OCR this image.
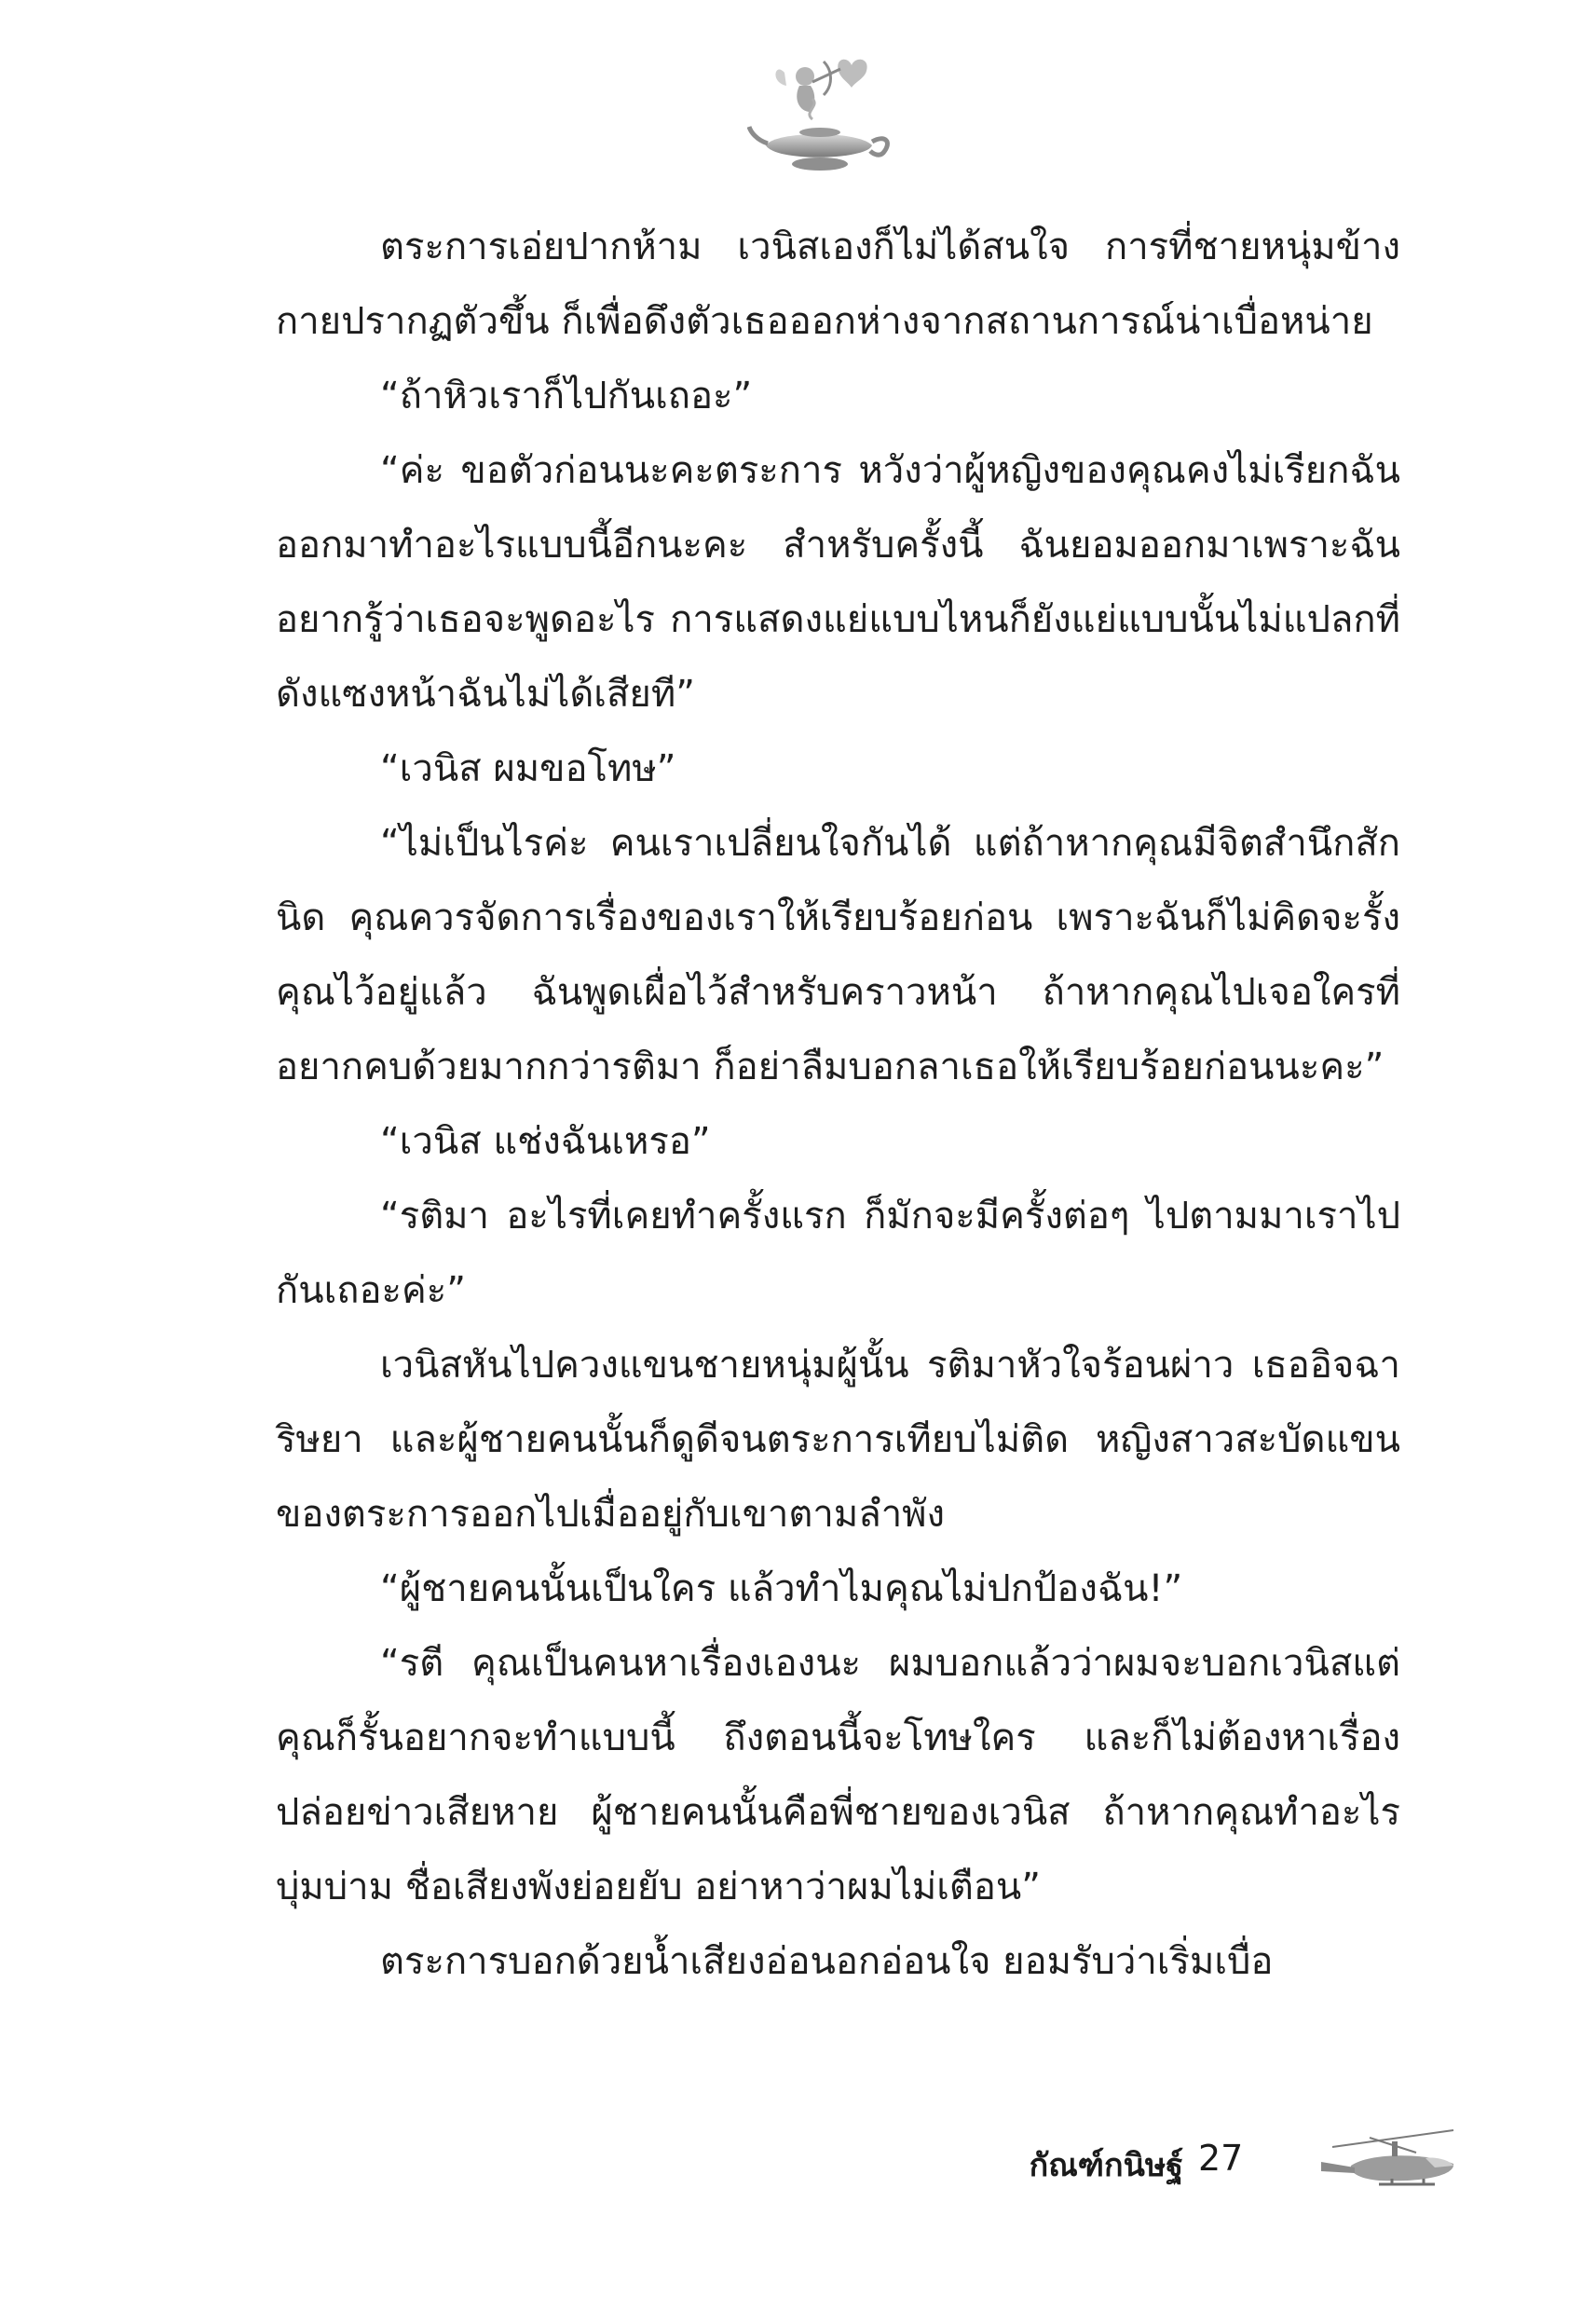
ตระการเอ่ยปากห้าม เวนิสเองก็ไม่ได้สนใจ การที่ชายหนุ่มข้างกายปรากฏตัวขึ้น ก็เพื่อดึงตัวเธอออกห่างจากสถานการณ์น่าเบื่อหน่าย

“ถ้าหิวเราก็ไปกันเถอะ”

“ค่ะ ขอตัวก่อนนะคะตระการ หวังว่าผู้หญิงของคุณคงไม่เรียกฉันออกมาทำอะไรแบบนี้อีกนะคะ สำหรับครั้งนี้ ฉันยอมออกมาเพราะฉันอยากรู้ว่าเธอจะพูดอะไร การแสดงแย่แบบไหนก็ยังแย่แบบนั้นไม่แปลกที่ดังแซงหน้าฉันไม่ได้เสียที”

“เวนิส ผมขอโทษ”

“ไม่เป็นไรค่ะ คนเราเปลี่ยนใจกันได้ แต่ถ้าหากคุณมีจิตสำนึกสักนิด คุณควรจัดการเรื่องของเราให้เรียบร้อยก่อน เพราะฉันก็ไม่คิดจะรั้งคุณไว้อยู่แล้ว ฉันพูดเผื่อไว้สำหรับคราวหน้า ถ้าหากคุณไปเจอใครที่อยากคบด้วยมากกว่ารติมา ก็อย่าลืมบอกลาเธอให้เรียบร้อยก่อนนะคะ”

“เวนิส แช่งฉันเหรอ”

“รติมา อะไรที่เคยทำครั้งแรก ก็มักจะมีครั้งต่อๆ ไปตามมาเราไปกันเถอะค่ะ”

เวนิสหันไปควงแขนชายหนุ่มผู้นั้น รติมาหัวใจร้อนผ่าว เธออิจฉา ริษยา และผู้ชายคนนั้นก็ดูดีจนตระการเทียบไม่ติด หญิงสาวสะบัดแขนของตระการออกไปเมื่ออยู่กับเขาตามลำพัง

“ผู้ชายคนนั้นเป็นใคร แล้วทำไมคุณไม่ปกป้องฉัน!”

“รตี คุณเป็นคนหาเรื่องเองนะ ผมบอกแล้วว่าผมจะบอกเวนิสแต่คุณก็รั้นอยากจะทำแบบนี้ ถึงตอนนี้จะโทษใคร และก็ไม่ต้องหาเรื่องปล่อยข่าวเสียหาย ผู้ชายคนนั้นคือพี่ชายของเวนิส ถ้าหากคุณทำอะไรบุ่มบ่าม ชื่อเสียงพังย่อยยับ อย่าหาว่าผมไม่เตือน”

ตระการบอกด้วยน้ำเสียงอ่อนอกอ่อนใจ ยอมรับว่าเริ่มเบื่อ

กัณฑ์กนิษฐ์ 27
